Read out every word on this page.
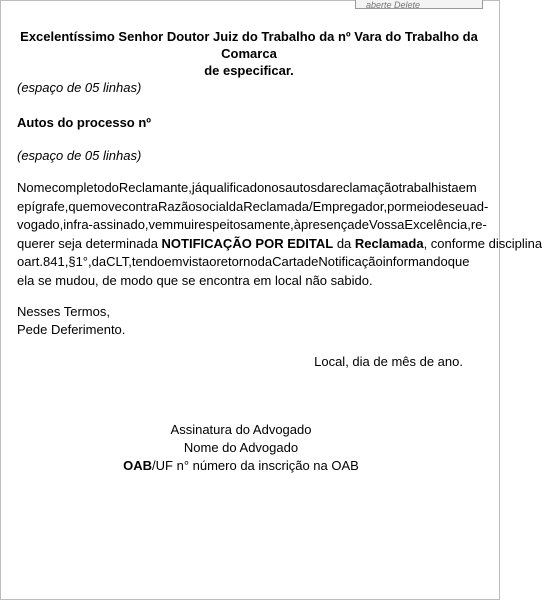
aberte Delete
Excelentíssimo Senhor Doutor Juiz do Trabalho da nº Vara do Trabalho da Comarca
de especificar.
(espaço de 05 linhas)
Autos do processo nº
(espaço de 05 linhas)
Nome completo do Reclamante, já qualificado nos autos da reclamação trabalhista em
epígrafe, que move contra Razão social da Reclamada/Empregador, por meio de seu ad-
vogado, infra-assinado, vem mui respeitosamente, à presença de Vossa Excelência, re-
querer seja determinada
NOTIFICAÇÃO POR EDITAL
da
Reclamada , conforme disciplina
o art. 841, §1°, da CLT, tendo em vista o retorno da Carta de Notificação informando que
ela se mudou, de modo que se encontra em local não sabido.
Nesses Termos,
Pede Deferimento.
Local, dia de mês de ano.
Assinatura do Advogado
Nome do Advogado
OAB/UF n° número da inscrição na OAB
